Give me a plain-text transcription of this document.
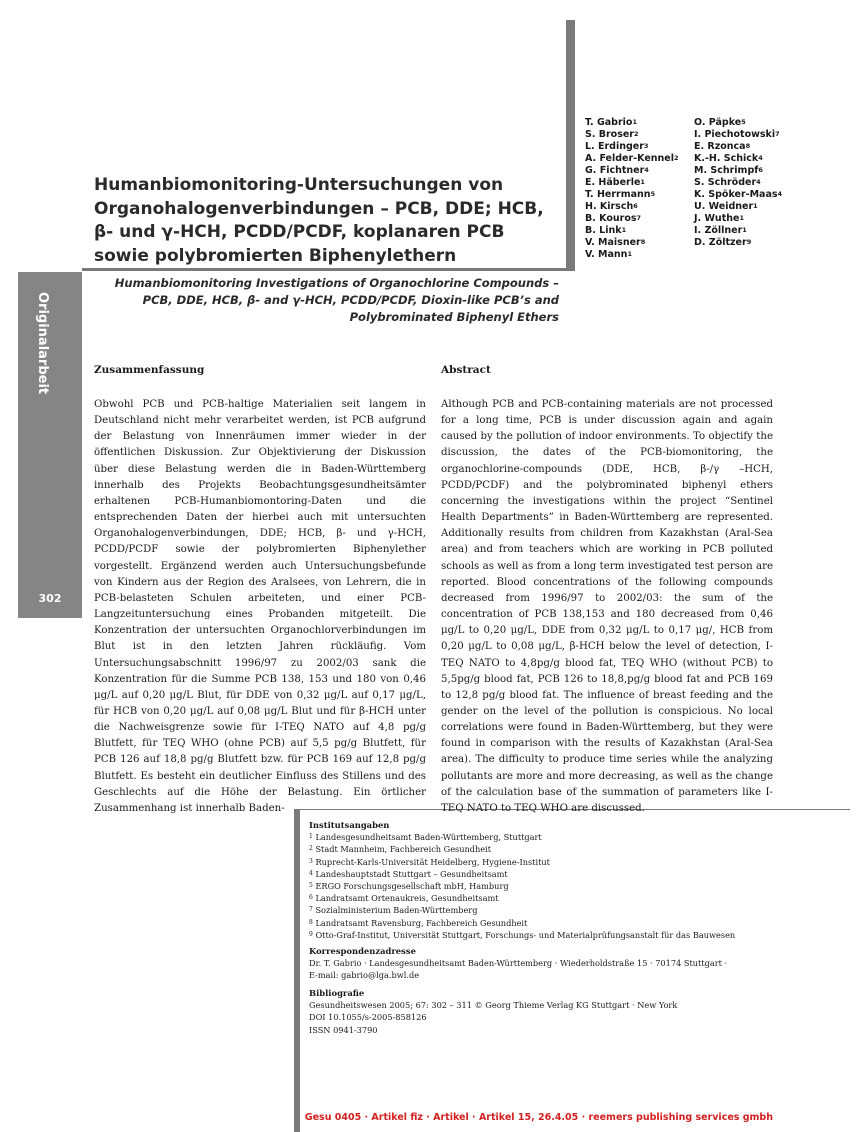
Originalarbeit
302
T. Gabrio$^1$
S. Broser$^2$
L. Erdinger$^3$
A. Felder-Kennel$^2$
G. Fichtner$^4$
E. Häberle$^1$
T. Herrmann$^5$
H. Kirsch$^6$
B. Kouros$^7$
B. Link$^1$
V. Maisner$^8$
V. Mann$^1$
O. Päpke$^5$
I. Piechotowski$^7$
E. Rzonca$^8$
K.-H. Schick$^4$
M. Schrimpf$^6$
S. Schröder$^4$
K. Spöker-Maas$^4$
U. Weidner$^1$
J. Wuthe$^1$
I. Zöllner$^1$
D. Zöltzer$^9$
Humanbiomonitoring-Untersuchungen von Organohalogenverbindungen – PCB, DDE; HCB, β- und γ-HCH, PCDD/PCDF, koplanaren PCB sowie polybromierten Biphenylethern
Humanbiomonitoring Investigations of Organochlorine Compounds – PCB, DDE, HCB, β- and γ-HCH, PCDD/PCDF, Dioxin-like PCB’s and Polybrominated Biphenyl Ethers
Zusammenfassung

Obwohl PCB und PCB-haltige Materialien seit langem in Deutschland nicht mehr verarbeitet werden, ist PCB aufgrund der Belastung von Innenräumen immer wieder in der öffentlichen Diskussion. Zur Objektivierung der Diskussion über diese Belastung werden die in Baden-Württemberg innerhalb des Projekts Beobachtungsgesundheitsämter erhaltenen PCB-Humanbiomontoring-Daten und die entsprechenden Daten der hierbei auch mit untersuchten Organohalogenverbindungen, DDE; HCB, β- und γ-HCH, PCDD/PCDF sowie der polybromierten Biphenylether vorgestellt. Ergänzend werden auch Untersuchungsbefunde von Kindern aus der Region des Aralsees, von Lehrern, die in PCB-belasteten Schulen arbeiteten, und einer PCB-Langzeituntersuchung eines Probanden mitgeteilt. Die Konzentration der untersuchten Organochlorverbindungen im Blut ist in den letzten Jahren rückläufig. Vom Untersuchungsabschnitt 1996/97 zu 2002/03 sank die Konzentration für die Summe PCB 138, 153 und 180 von 0,46 μg/L auf 0,20 μg/L Blut, für DDE von 0,32 μg/L auf 0,17 μg/L, für HCB von 0,20 μg/L auf 0,08 μg/L Blut und für β-HCH unter die Nachweisgrenze sowie für I-TEQ NATO auf 4,8 pg/g Blutfett, für TEQ WHO (ohne PCB) auf 5,5 pg/g Blutfett, für PCB 126 auf 18,8 pg/g Blutfett bzw. für PCB 169 auf 12,8 pg/g Blutfett. Es besteht ein deutlicher Einfluss des Stillens und des Geschlechts auf die Höhe der Belastung. Ein örtlicher Zusammenhang ist innerhalb Baden-

Abstract

Although PCB and PCB-containing materials are not processed for a long time, PCB is under discussion again and again caused by the pollution of indoor environments. To objectify the discussion, the dates of the PCB-biomonitoring, the organochlorine-compounds (DDE, HCB, β-/γ –HCH, PCDD/PCDF) and the polybrominated biphenyl ethers concerning the investigations within the project “Sentinel Health Departments” in Baden-Württemberg are represented. Additionally results from children from Kazakhstan (Aral-Sea area) and from teachers which are working in PCB polluted schools as well as from a long term investigated test person are reported. Blood concentrations of the following compounds decreased from 1996/97 to 2002/03: the sum of the concentration of PCB 138,153 and 180 decreased from 0,46 μg/L to 0,20 μg/L, DDE from 0,32 μg/L to 0,17 μg/, HCB from 0,20 μg/L to 0,08 μg/L, β-HCH below the level of detection, I-TEQ NATO to 4,8pg/g blood fat, TEQ WHO (without PCB) to 5,5pg/g blood fat, PCB 126 to 18,8,pg/g blood fat and PCB 169 to 12,8 pg/g blood fat. The influence of breast feeding and the gender on the level of the pollution is conspicious. No local correlations were found in Baden-Württemberg, but they were found in comparison with the results of Kazakhstan (Aral-Sea area). The difficulty to produce time series while the analyzing pollutants are more and more decreasing, as well as the change of the calculation base of the summation of parameters like I-TEQ NATO to TEQ WHO are discussed.

Institutsangaben
$^1$ Landesgesundheitsamt Baden-Württemberg, Stuttgart
$^2$ Stadt Mannheim, Fachbereich Gesundheit
$^3$ Ruprecht-Karls-Universität Heidelberg, Hygiene-Institut
$^4$ Landeshauptstadt Stuttgart – Gesundheitsamt
$^5$ ERGO Forschungsgesellschaft mbH, Hamburg
$^6$ Landratsamt Ortenaukreis, Gesundheitsamt
$^7$ Sozialministerium Baden-Württemberg
$^8$ Landratsamt Ravensburg, Fachbereich Gesundheit
$^9$ Otto-Graf-Institut, Universität Stuttgart, Forschungs- und Materialprüfungsanstalt für das Bauwesen
Korrespondenzadresse
Dr. T. Gabrio · Landesgesundheitsamt Baden-Württemberg · Wiederholdstraße 15 · 70174 Stuttgart ·
E-mail: gabrio@lga.bwl.de
Bibliografie
Gesundheitswesen 2005; 67: 302 – 311 © Georg Thieme Verlag KG Stuttgart · New York
DOI 10.1055/s-2005-858126
ISSN 0941-3790
Gesu 0405 · Artikel fiz · Artikel · Artikel 15, 26.4.05 · reemers publishing services gmbh
